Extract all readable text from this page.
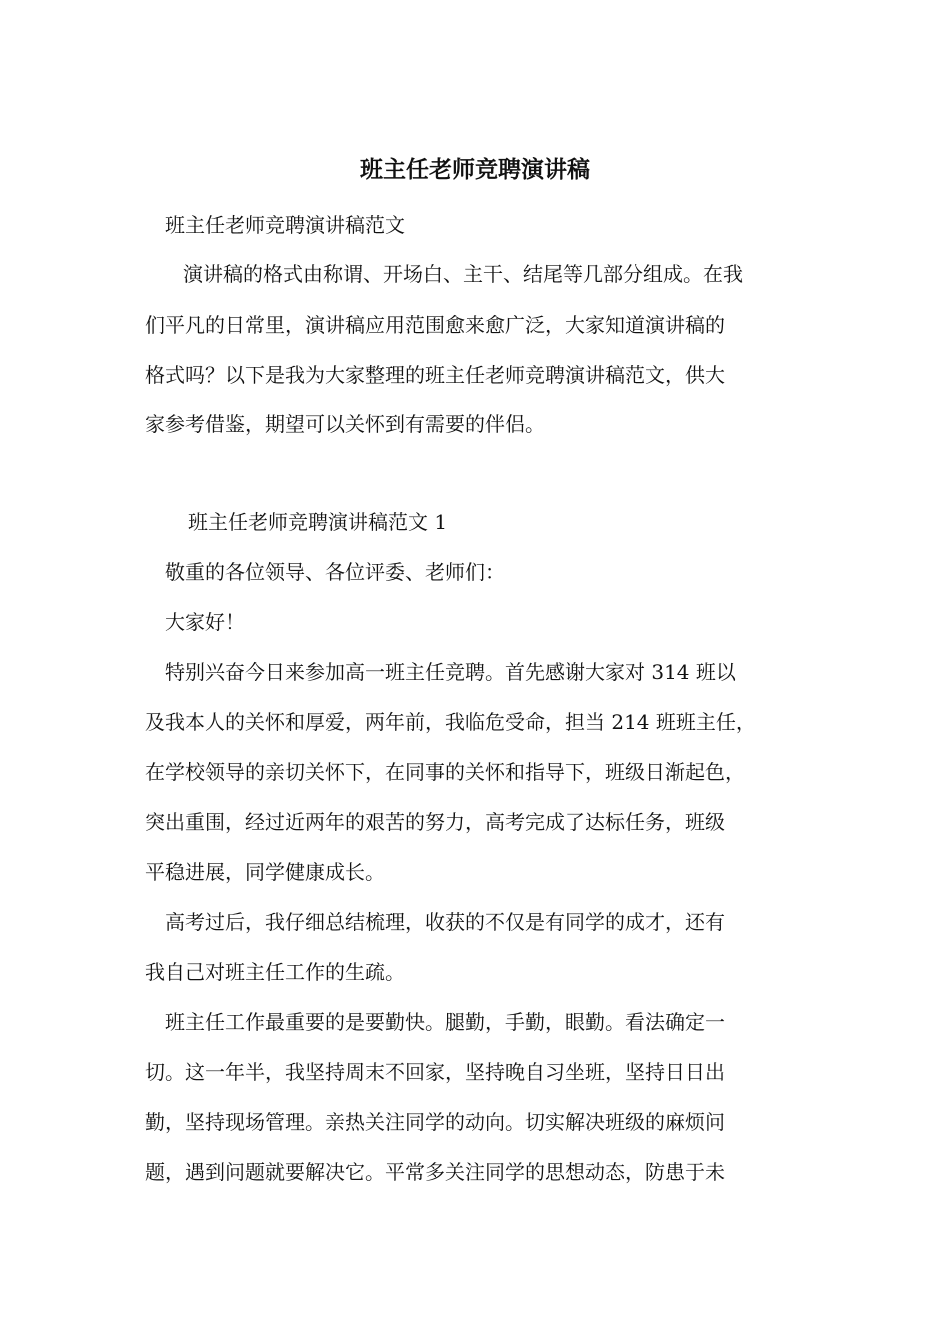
班主任老师竞聘演讲稿

班主任老师竞聘演讲稿范文

演讲稿的格式由称谓、开场白、主干、结尾等几部分组成。在我

们平凡的日常里，演讲稿应用范围愈来愈广泛，大家知道演讲稿的

格式吗？以下是我为大家整理的班主任老师竞聘演讲稿范文，供大

家参考借鉴，期望可以关怀到有需要的伴侣。

班主任老师竞聘演讲稿范文 1

敬重的各位领导、各位评委、老师们：

大家好！

特别兴奋今日来参加高一班主任竞聘。首先感谢大家对 314 班以

及我本人的关怀和厚爱，两年前，我临危受命，担当 214 班班主任，

在学校领导的亲切关怀下，在同事的关怀和指导下，班级日渐起色，

突出重围，经过近两年的艰苦的努力，高考完成了达标任务，班级

平稳进展，同学健康成长。

高考过后，我仔细总结梳理，收获的不仅是有同学的成才，还有

我自己对班主任工作的生疏。

班主任工作最重要的是要勤快。腿勤，手勤，眼勤。看法确定一

切。这一年半，我坚持周末不回家，坚持晚自习坐班，坚持日日出

勤，坚持现场管理。亲热关注同学的动向。切实解决班级的麻烦问

题，遇到问题就要解决它。平常多关注同学的思想动态，防患于未
